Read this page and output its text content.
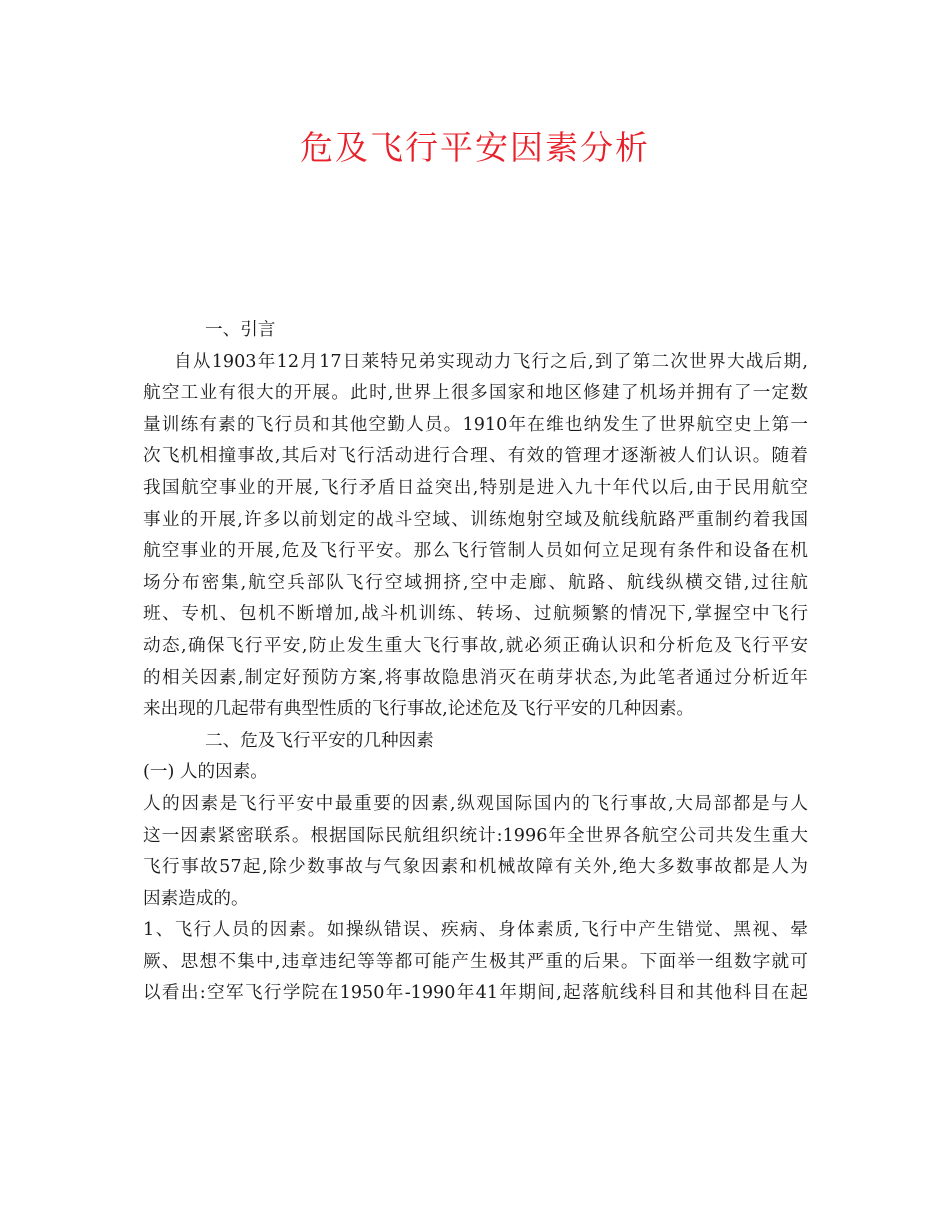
危及飞行平安因素分析
一、引言
自从1903年12月17日莱特兄弟实现动力飞行之后,到了第二次世界大战后期,
航空工业有很大的开展。此时,世界上很多国家和地区修建了机场并拥有了一定数
量训练有素的飞行员和其他空勤人员。1910年在维也纳发生了世界航空史上第一
次飞机相撞事故,其后对飞行活动进行合理、有效的管理才逐渐被人们认识。随着
我国航空事业的开展,飞行矛盾日益突出,特别是进入九十年代以后,由于民用航空
事业的开展,许多以前划定的战斗空域、训练炮射空域及航线航路严重制约着我国
航空事业的开展,危及飞行平安。那么飞行管制人员如何立足现有条件和设备在机
场分布密集,航空兵部队飞行空域拥挤,空中走廊、航路、航线纵横交错,过往航
班、专机、包机不断增加,战斗机训练、转场、过航频繁的情况下,掌握空中飞行
动态,确保飞行平安,防止发生重大飞行事故,就必须正确认识和分析危及飞行平安
的相关因素,制定好预防方案,将事故隐患消灭在萌芽状态,为此笔者通过分析近年
来出现的几起带有典型性质的飞行事故,论述危及飞行平安的几种因素。
二、危及飞行平安的几种因素
(一) 人的因素。
人的因素是飞行平安中最重要的因素,纵观国际国内的飞行事故,大局部都是与人
这一因素紧密联系。根据国际民航组织统计:1996年全世界各航空公司共发生重大
飞行事故57起,除少数事故与气象因素和机械故障有关外,绝大多数事故都是人为
因素造成的。
1、飞行人员的因素。如操纵错误、疾病、身体素质,飞行中产生错觉、黑视、晕
厥、思想不集中,违章违纪等等都可能产生极其严重的后果。下面举一组数字就可
以看出:空军飞行学院在1950年-1990年41年期间,起落航线科目和其他科目在起
